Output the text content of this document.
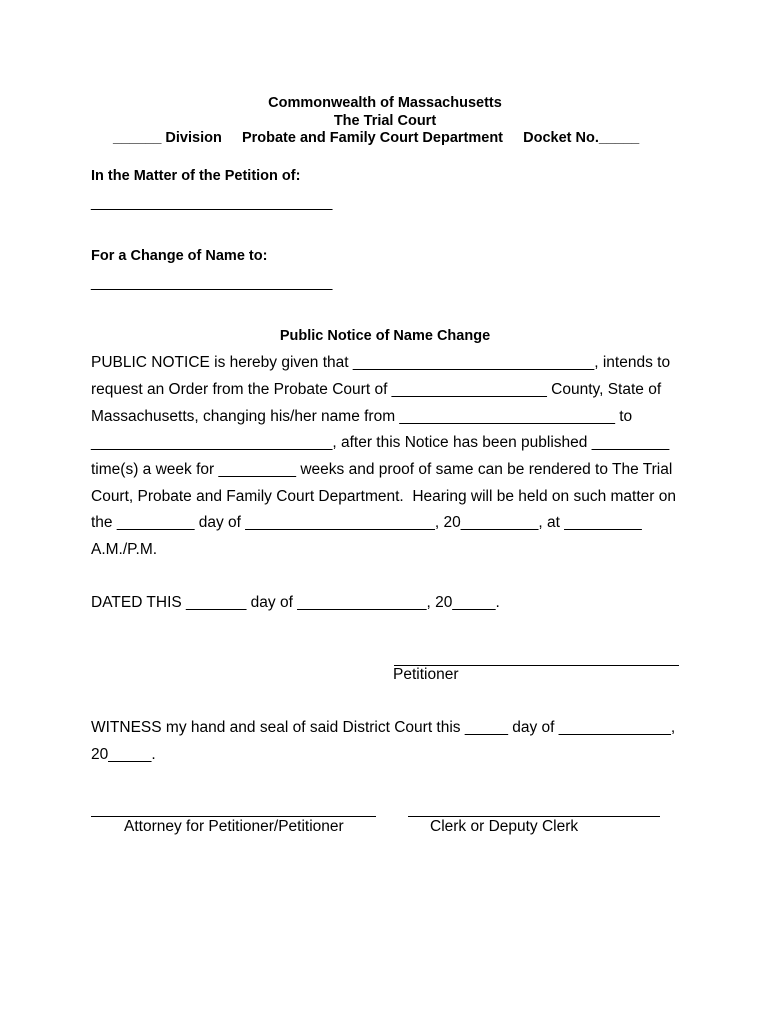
Commonwealth of Massachusetts
The Trial Court
______ Division     Probate and Family Court Department     Docket No._____
In the Matter of the Petition of:
____________________________
For a Change of Name to:
____________________________
Public Notice of Name Change
PUBLIC NOTICE is hereby given that ____________________________, intends to
request an Order from the Probate Court of __________________ County, State of
Massachusetts, changing his/her name from _________________________ to
____________________________, after this Notice has been published _________
time(s) a week for _________ weeks and proof of same can be rendered to The Trial
Court, Probate and Family Court Department.  Hearing will be held on such matter on
the _________ day of ______________________, 20_________, at _________
A.M./P.M.
DATED THIS _______ day of _______________, 20_____.
Petitioner
WITNESS my hand and seal of said District Court this _____ day of _____________,
20_____.
Attorney for Petitioner/Petitioner	Clerk or Deputy Clerk
